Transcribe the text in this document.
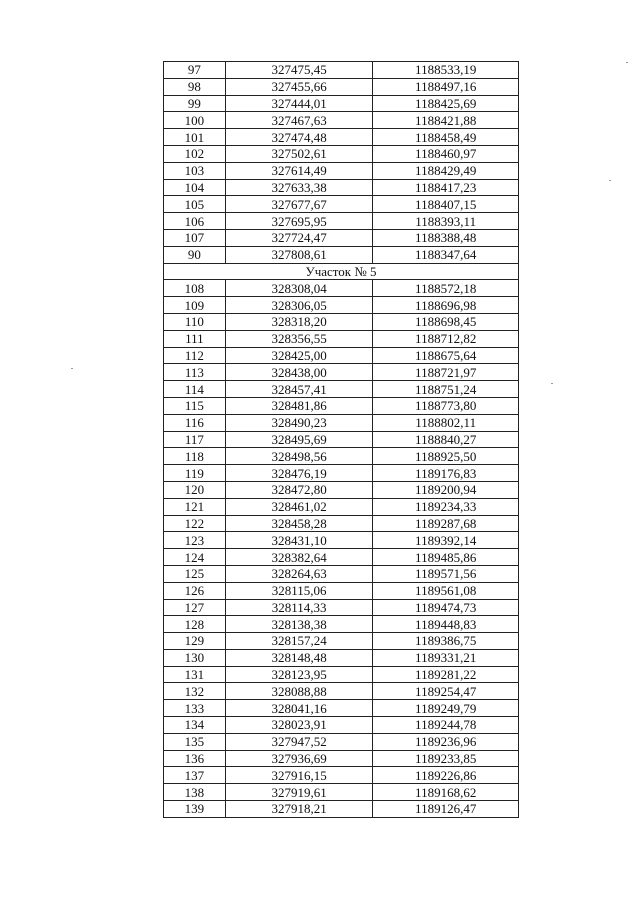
97	327475,45	1188533,19
98	327455,66	1188497,16
99	327444,01	1188425,69
100	327467,63	1188421,88
101	327474,48	1188458,49
102	327502,61	1188460,97
103	327614,49	1188429,49
104	327633,38	1188417,23
105	327677,67	1188407,15
106	327695,95	1188393,11
107	327724,47	1188388,48
90	327808,61	1188347,64
Участок № 5		
108	328308,04	1188572,18
109	328306,05	1188696,98
110	328318,20	1188698,45
111	328356,55	1188712,82
112	328425,00	1188675,64
113	328438,00	1188721,97
114	328457,41	1188751,24
115	328481,86	1188773,80
116	328490,23	1188802,11
117	328495,69	1188840,27
118	328498,56	1188925,50
119	328476,19	1189176,83
120	328472,80	1189200,94
121	328461,02	1189234,33
122	328458,28	1189287,68
123	328431,10	1189392,14
124	328382,64	1189485,86
125	328264,63	1189571,56
126	328115,06	1189561,08
127	328114,33	1189474,73
128	328138,38	1189448,83
129	328157,24	1189386,75
130	328148,48	1189331,21
131	328123,95	1189281,22
132	328088,88	1189254,47
133	328041,16	1189249,79
134	328023,91	1189244,78
135	327947,52	1189236,96
136	327936,69	1189233,85
137	327916,15	1189226,86
138	327919,61	1189168,62
139	327918,21	1189126,47
